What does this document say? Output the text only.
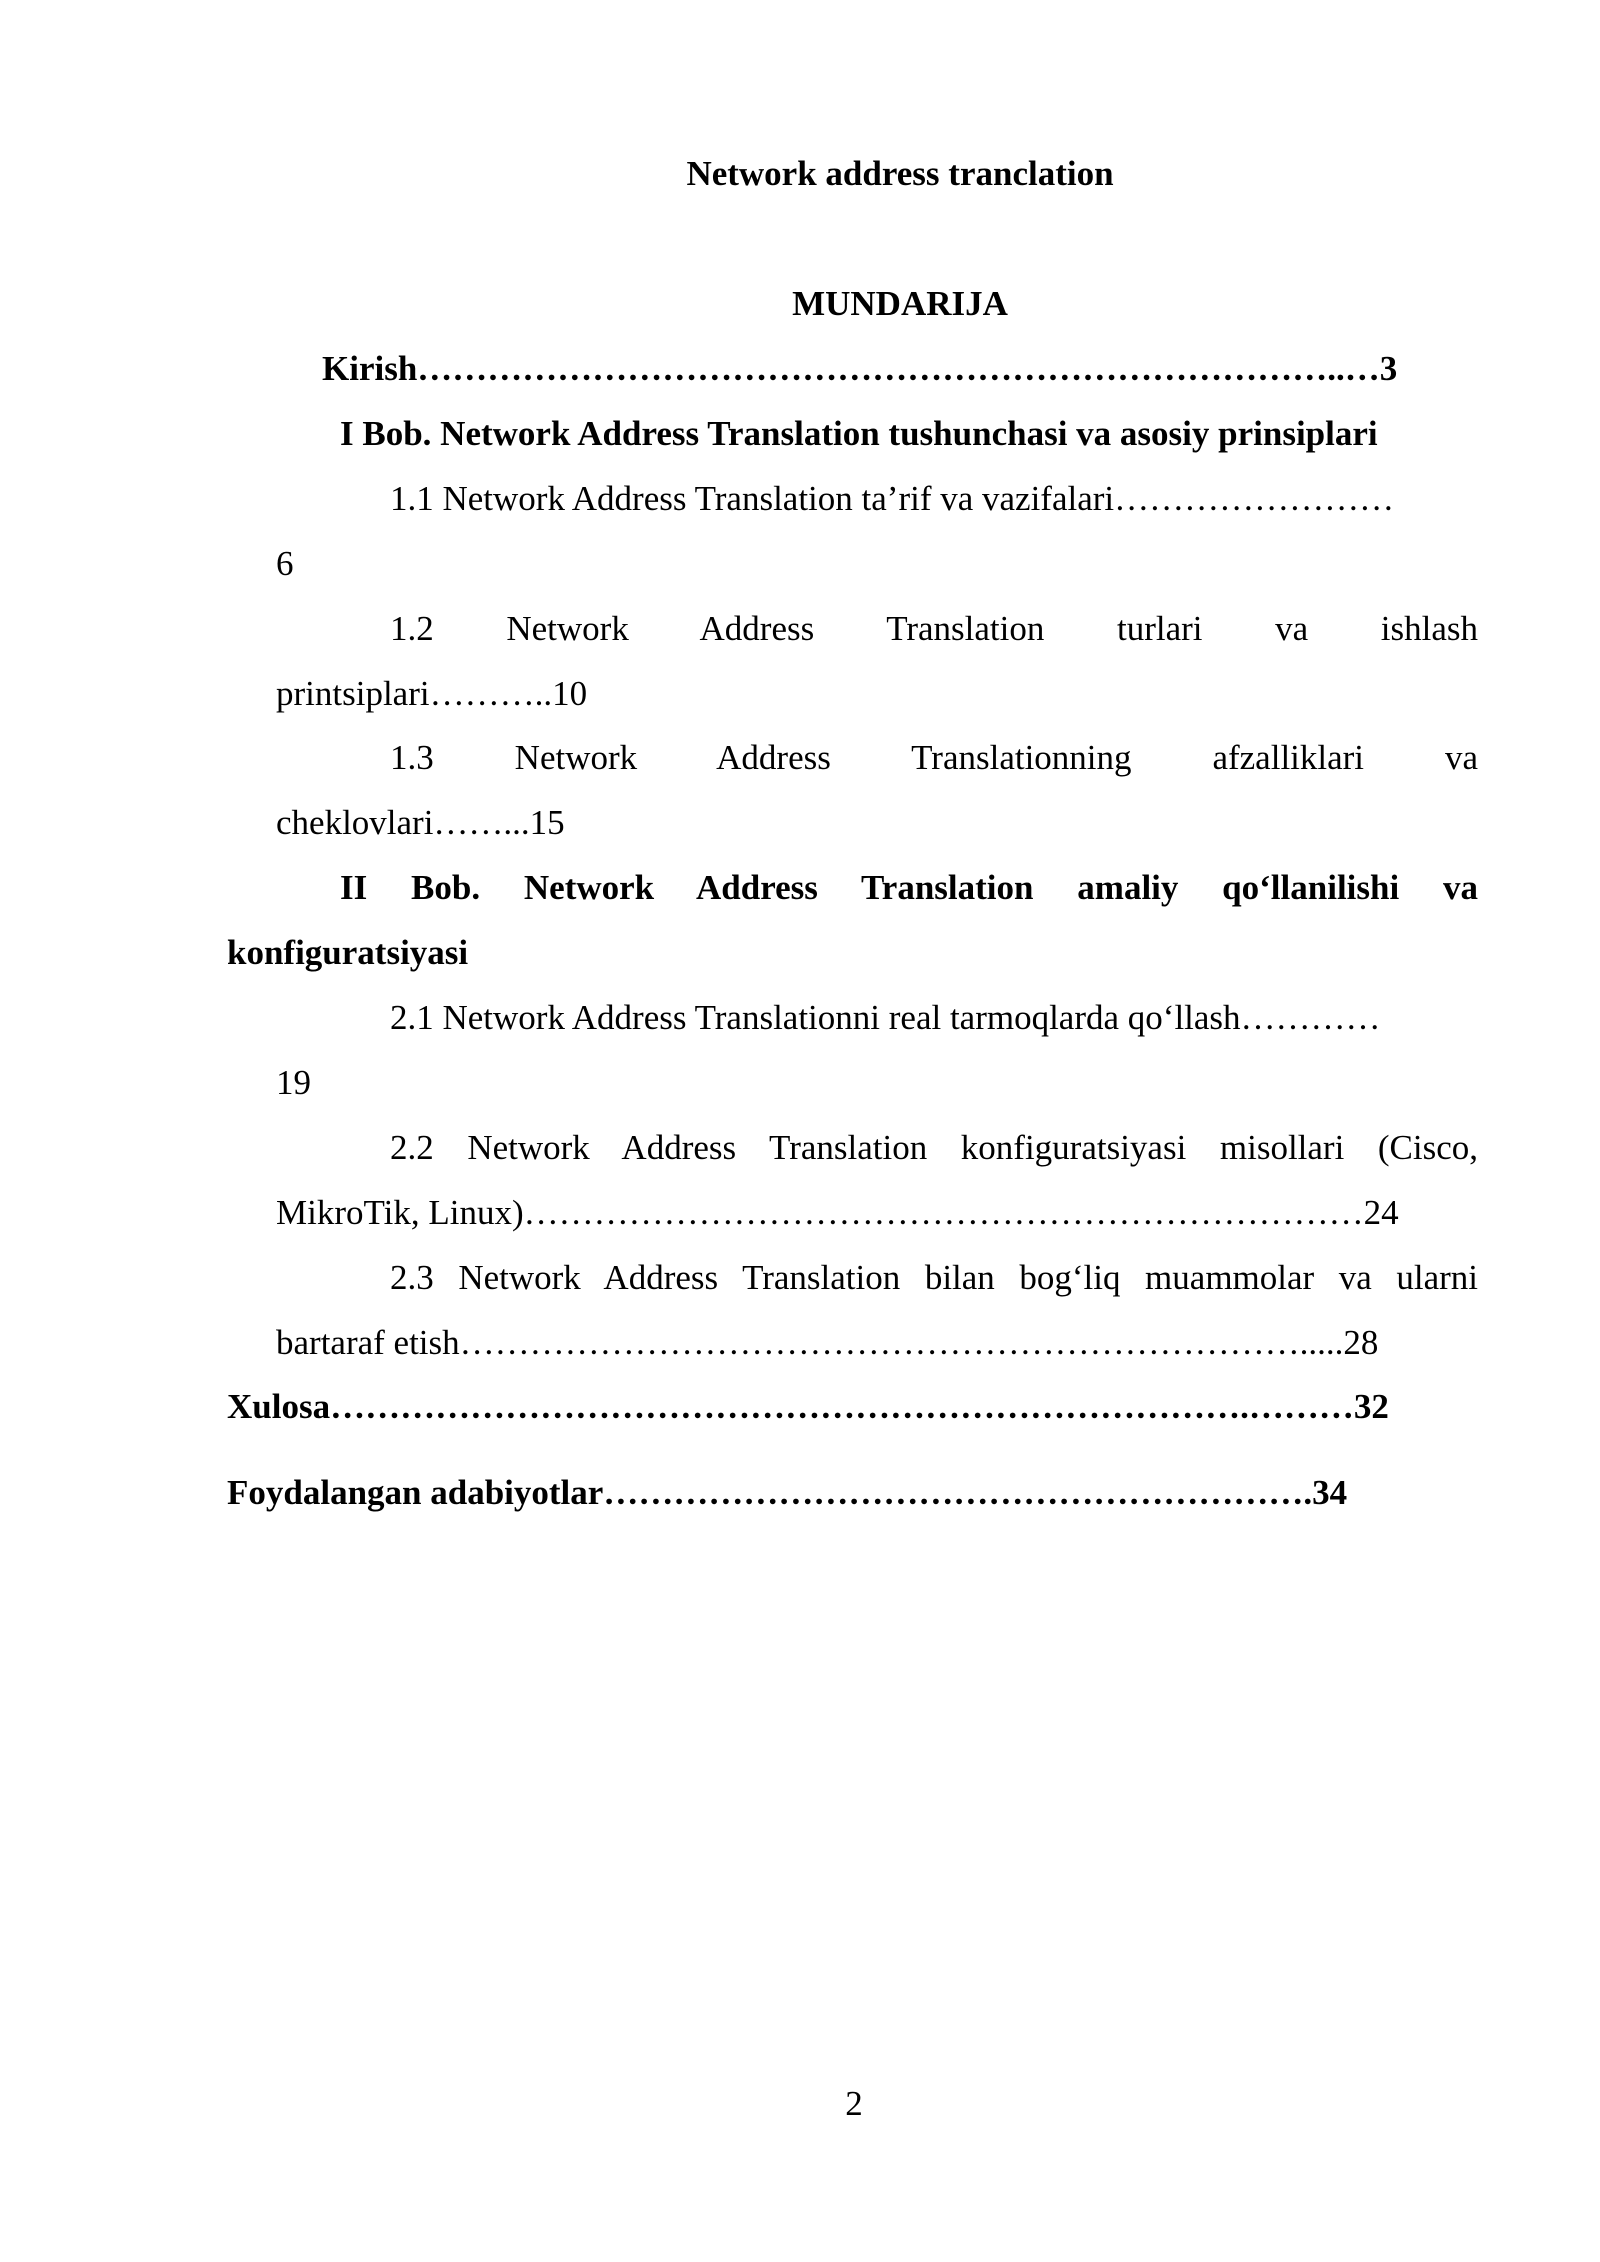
Network address tranclation
MUNDARIJA
Kirish……………………………………………………………………..…3
I Bob. Network Address Translation tushunchasi va asosiy prinsiplari
1.1 Network Address Translation ta’rif va vazifalari……………………
6
1.2 Network Address Translation turlari va ishlash
printsiplari………..10
1.3 Network Address Translationning afzalliklari va
cheklovlari……...15
II Bob. Network Address Translation amaliy qo‘llanilishi va
konfiguratsiyasi
2.1 Network Address Translationni real tarmoqlarda qo‘llash…………
19
2.2 Network Address Translation konfiguratsiyasi misollari (Cisco,
MikroTik, Linux)………………………………………………………………24
2.3 Network Address Translation bilan bog‘liq muammolar va ularni
bartaraf etish……………………………………………………………….....28
Xulosa…………………………………………………………………….………32
Foydalangan adabiyotlar…………………………………………………….34
2
